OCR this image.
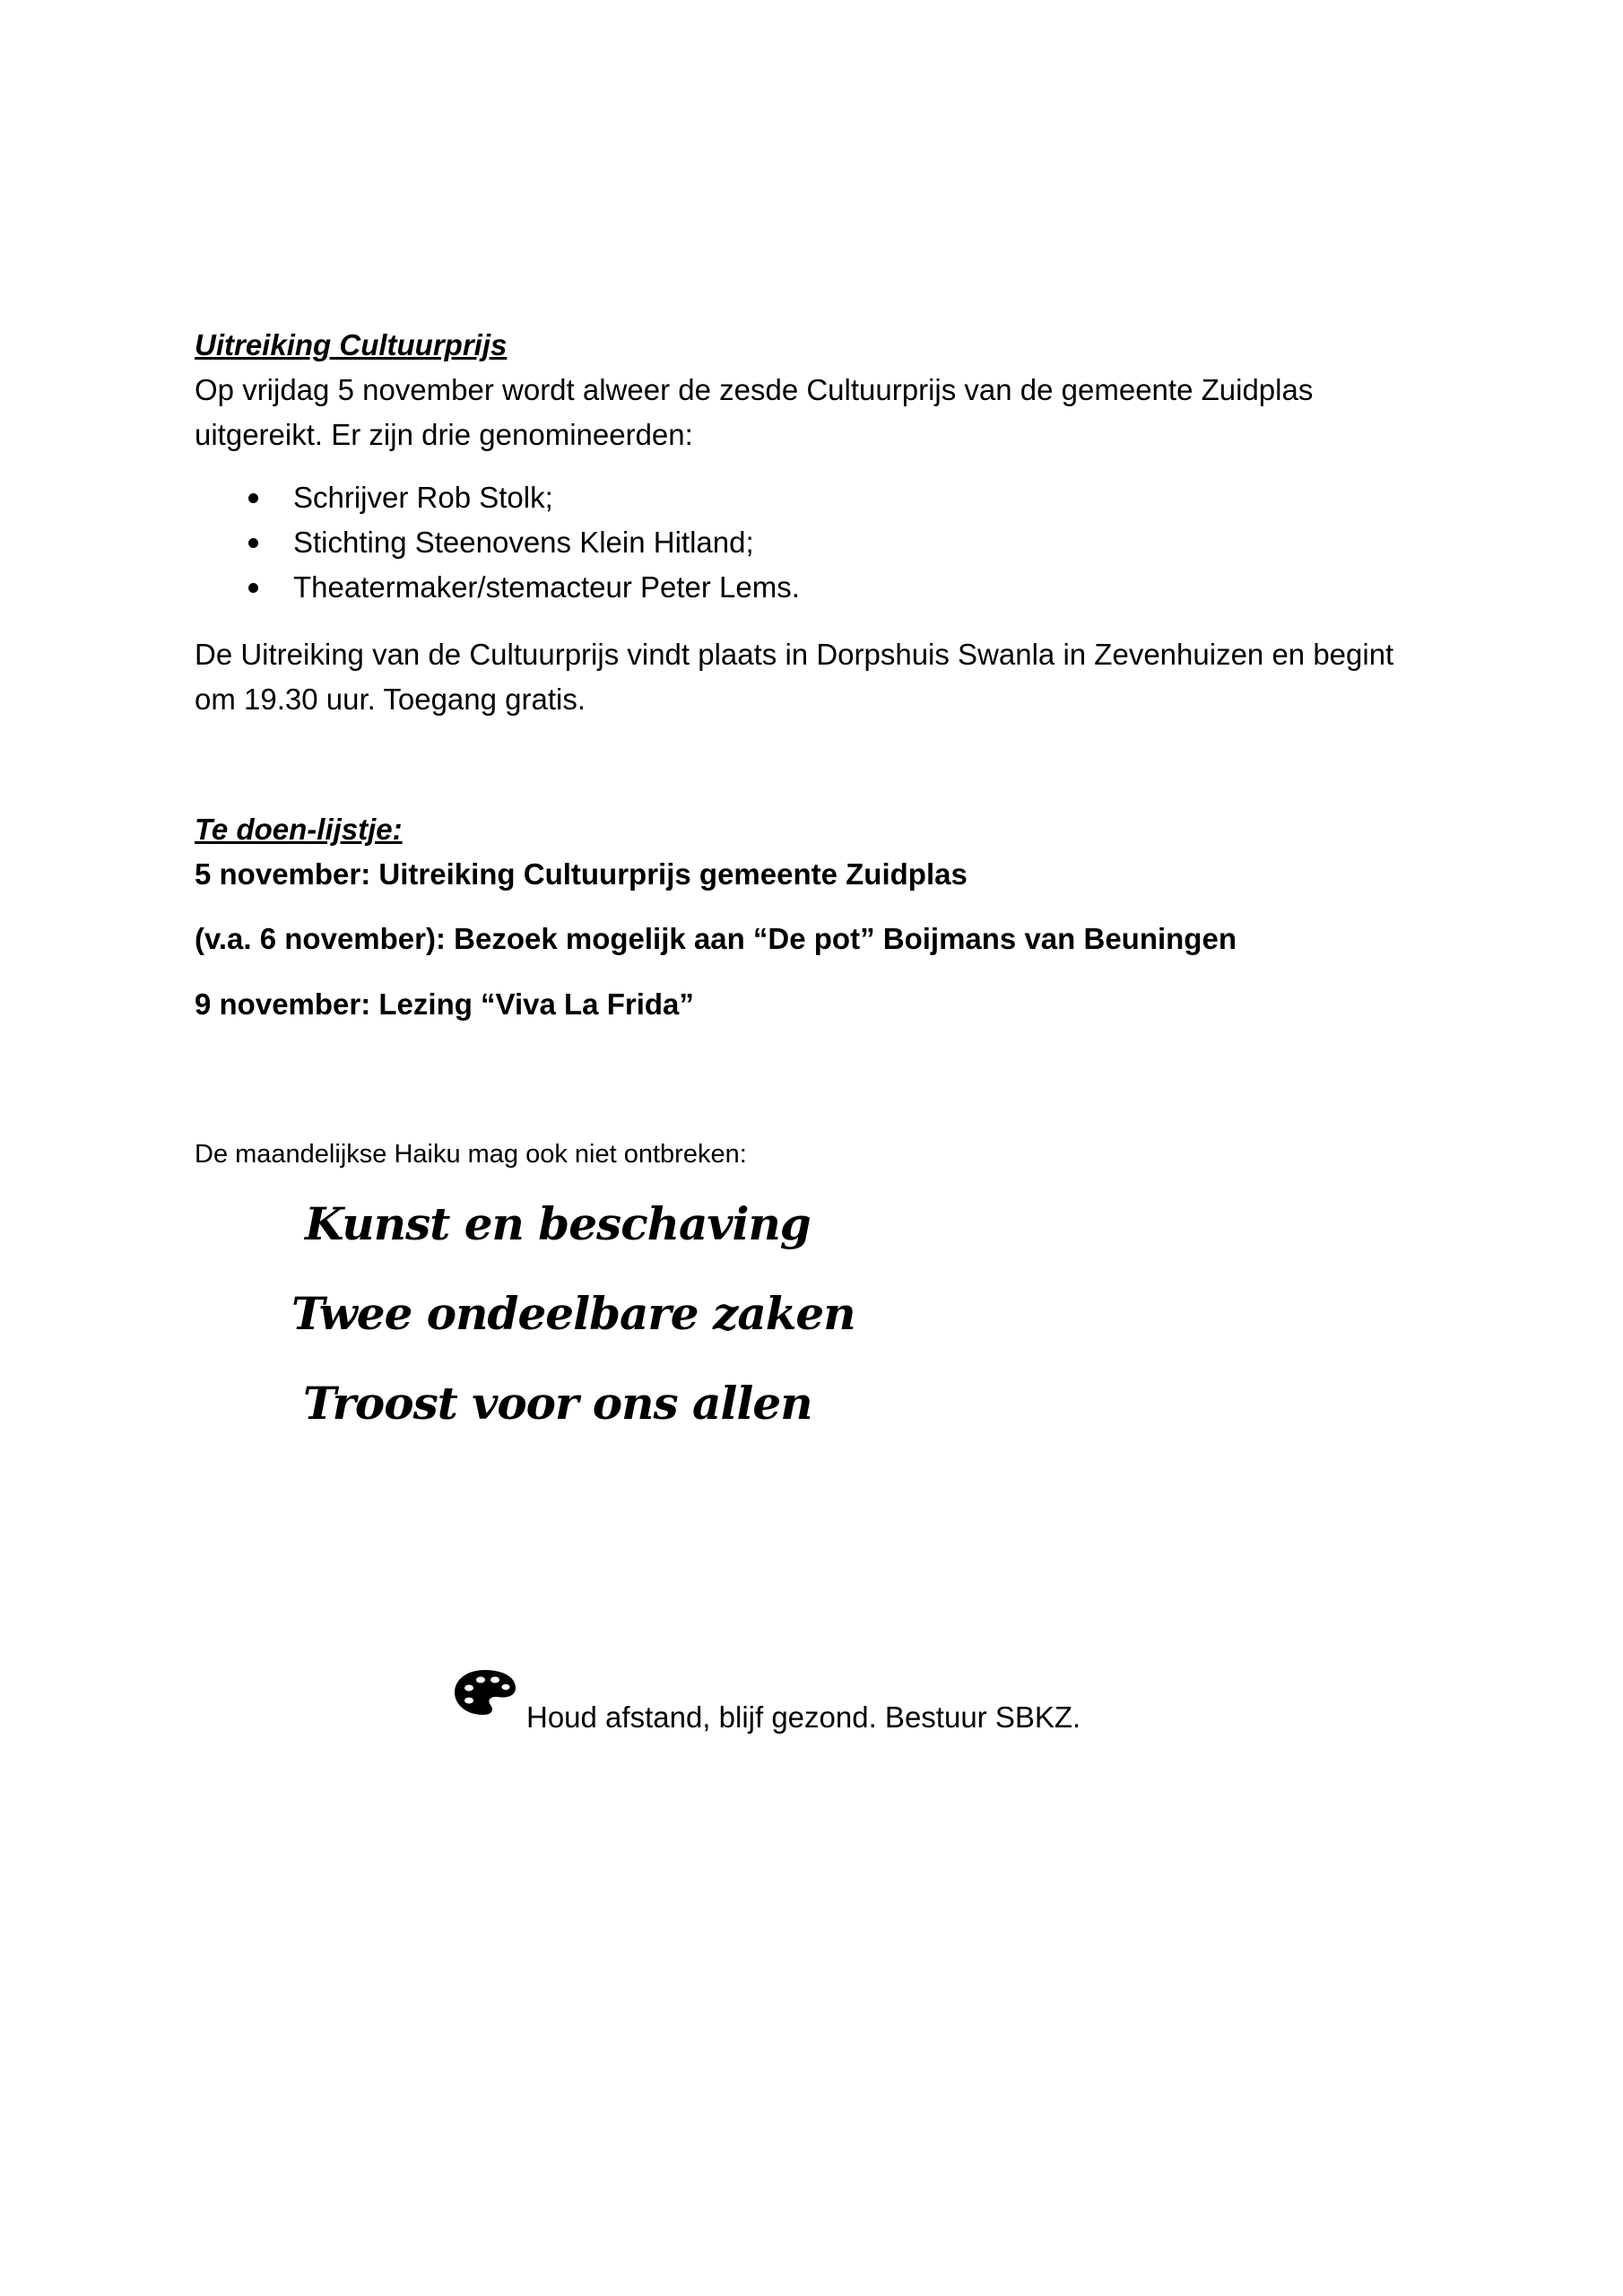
Uitreiking Cultuurprijs

Op vrijdag 5 november wordt alweer de zesde Cultuurprijs van de gemeente Zuidplas

uitgereikt. Er zijn drie genomineerden:

Schrijver Rob Stolk;
Stichting Steenovens Klein Hitland;
Theatermaker/stemacteur Peter Lems.

De Uitreiking van de Cultuurprijs vindt plaats in Dorpshuis Swanla in Zevenhuizen en begint

om 19.30 uur. Toegang gratis.

Te doen-lijstje:

5 november: Uitreiking Cultuurprijs gemeente Zuidplas

(v.a. 6 november): Bezoek mogelijk aan “De pot” Boijmans van Beuningen

9 november: Lezing “Viva La Frida”

De maandelijkse Haiku mag ook niet ontbreken:

Kunst en beschaving
Twee ondeelbare zaken
Troost voor ons allen
Houd afstand, blijf gezond. Bestuur SBKZ.
